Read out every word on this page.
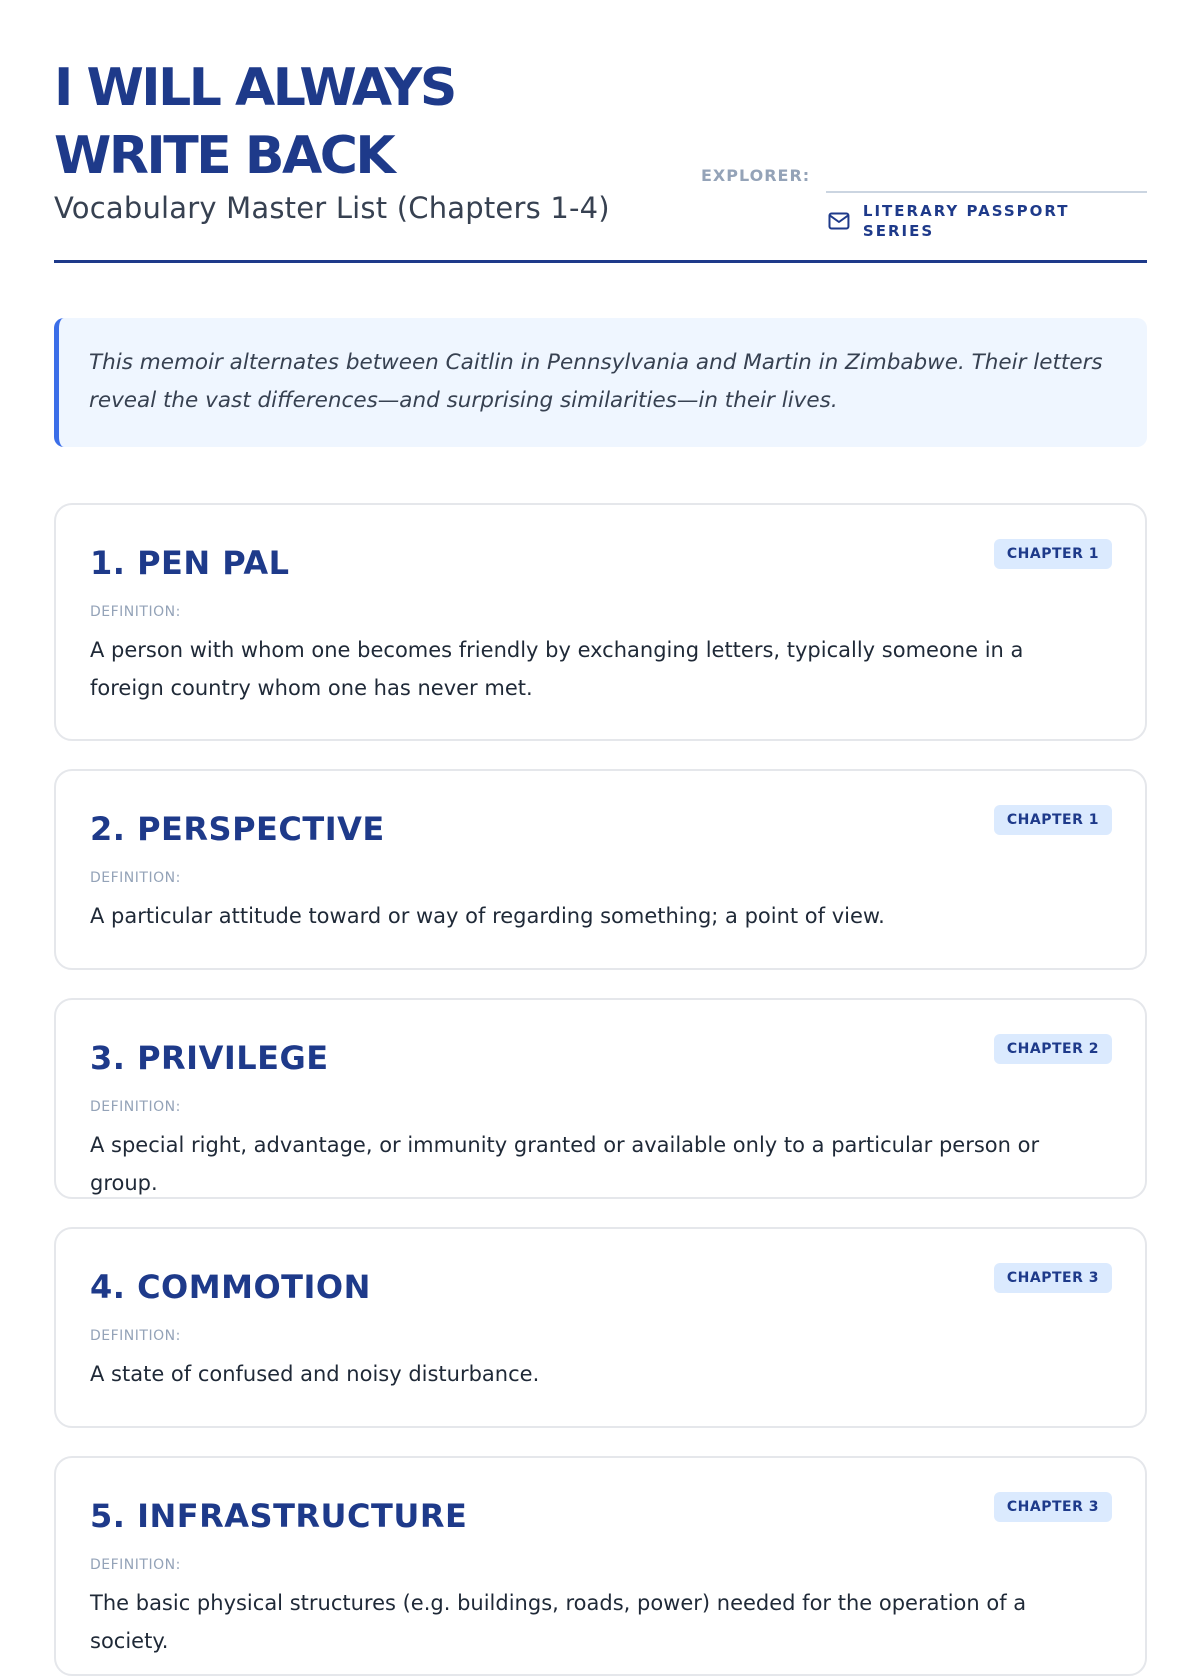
I WILL ALWAYS
WRITE BACK
Vocabulary Master List (Chapters 1-4)
EXPLORER:
LITERARY PASSPORT SERIES
This memoir alternates between Caitlin in Pennsylvania and Martin in Zimbabwe. Their letters reveal the vast differences—and surprising similarities—in their lives.
1. PEN PAL	CHAPTER 1
DEFINITION:

A person with whom one becomes friendly by exchanging letters, typically someone in a foreign country whom one has never met.

2. PERSPECTIVE	CHAPTER 1
DEFINITION:

A particular attitude toward or way of regarding something; a point of view.

3. PRIVILEGE	CHAPTER 2
DEFINITION:

A special right, advantage, or immunity granted or available only to a particular person or group.

4. COMMOTION	CHAPTER 3
DEFINITION:

A state of confused and noisy disturbance.

5. INFRASTRUCTURE	CHAPTER 3
DEFINITION:

The basic physical structures (e.g. buildings, roads, power) needed for the operation of a society.
